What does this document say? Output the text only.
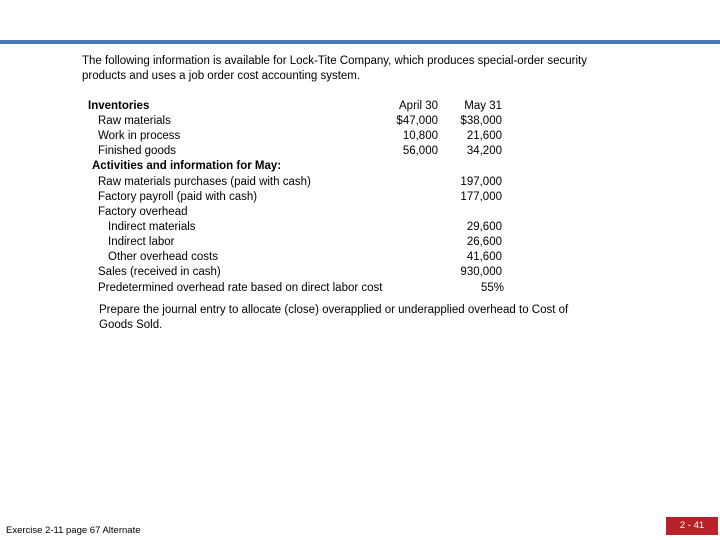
The following information is available for Lock-Tite Company, which produces special-order security
products and uses a job order cost accounting system.
Inventories	April 30	May 31
Raw materials	$47,000	$38,000
Work in process	10,800	21,600
Finished goods	56,000	34,200
Activities and information for May:
Raw materials purchases (paid with cash)	197,000
Factory payroll (paid with cash)	177,000
Factory overhead
Indirect materials	29,600
Indirect labor	26,600
Other overhead costs	41,600
Sales (received in cash)	930,000
Predetermined overhead rate based on direct labor cost	55%
Prepare the journal entry to allocate (close) overapplied or underapplied overhead to Cost of
Goods Sold.
Exercise 2-11 page 67 Alternate	2 - 41
